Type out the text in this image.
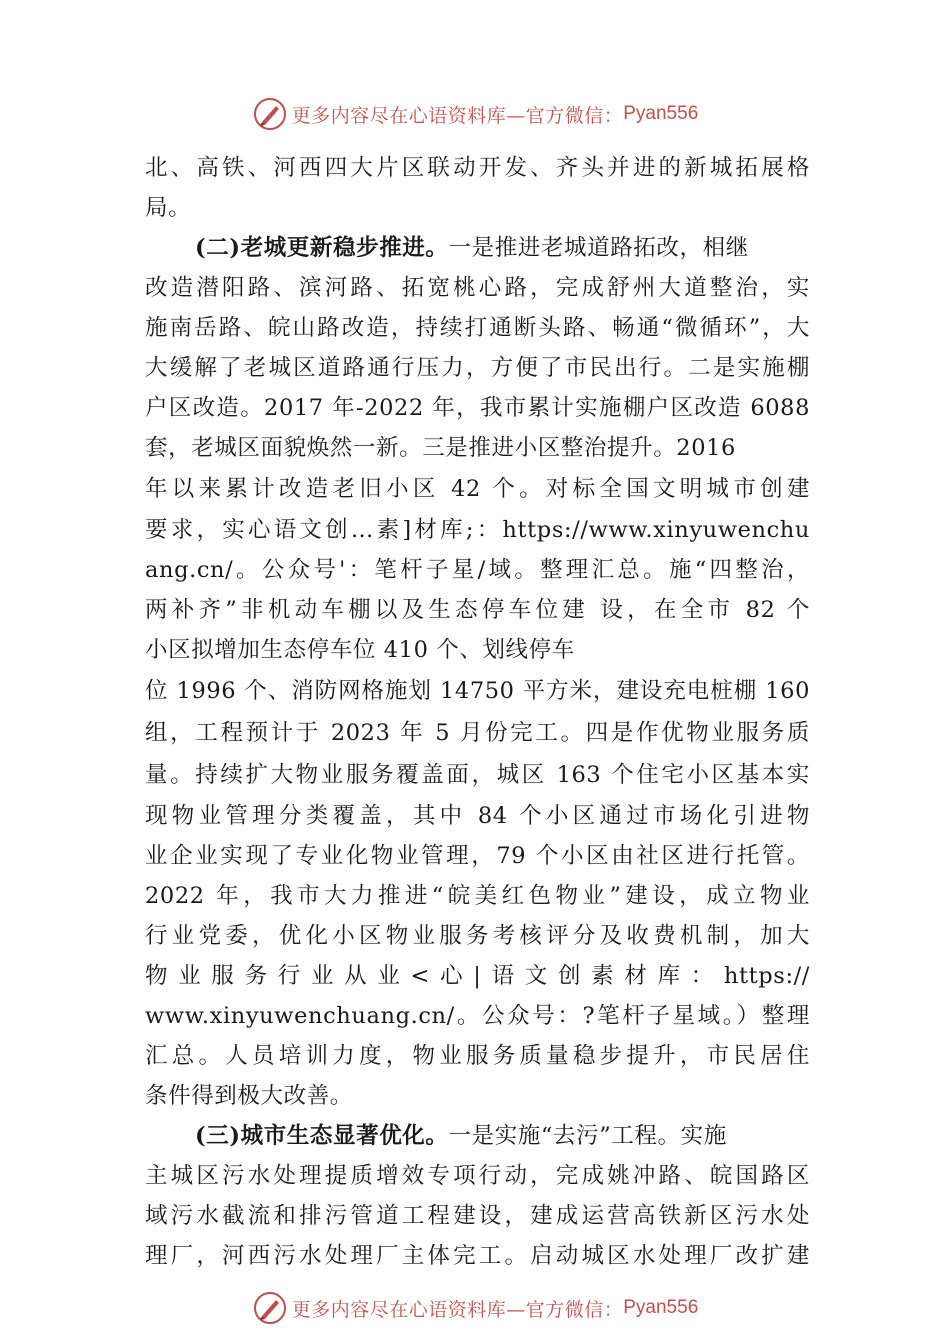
更多内容尽在心语资料库—官方微信： Pyan556
北、高铁、河西四大片区联动开发、齐头并进的新城拓展格
局。
(二)老城更新稳步推进。一是推进老城道路拓改，相继
改造潜阳路、滨河路、拓宽桃心路，完成舒州大道整治，实
施南岳路、皖山路改造，持续打通断头路、畅通“微循环”，大
大缓解了老城区道路通行压力，方便了市民出行。二是实施棚
户区改造。2017 年-2022 年，我市累计实施棚户区改造 6088
套，老城区面貌焕然一新。三是推进小区整治提升。2016
年以来累计改造老旧小区 42 个。对标全国文明城市创建
要求，实心语文创…素]材库;：https://www.xinyuwenchu
ang.cn/。公众号'：笔杆子星/域。整理汇总。施“四整治，
两补齐”非机动车棚以及生态停车位建 设，在全市 82 个
小区拟增加生态停车位 410 个、划线停车
位 1996 个、消防网格施划 14750 平方米，建设充电桩棚 160
组，工程预计于 2023 年 5 月份完工。四是作优物业服务质
量。持续扩大物业服务覆盖面，城区 163 个住宅小区基本实
现物业管理分类覆盖，其中 84 个小区通过市场化引进物
业企业实现了专业化物业管理，79 个小区由社区进行托管。
2022 年，我市大力推进“皖美红色物业”建设，成立物业
行业党委，优化小区物业服务考核评分及收费机制，加大
物业服务行业从业<心|语文创素材库：https://
www.xinyuwenchuang.cn/。公众号：?笔杆子星域。）整理
汇总。人员培训力度，物业服务质量稳步提升，市民居住
条件得到极大改善。
(三)城市生态显著优化。一是实施“去污”工程。实施
主城区污水处理提质增效专项行动，完成姚冲路、皖国路区
域污水截流和排污管道工程建设，建成运营高铁新区污水处
理厂，河西污水处理厂主体完工。启动城区水处理厂改扩建
更多内容尽在心语资料库—官方微信： Pyan556
